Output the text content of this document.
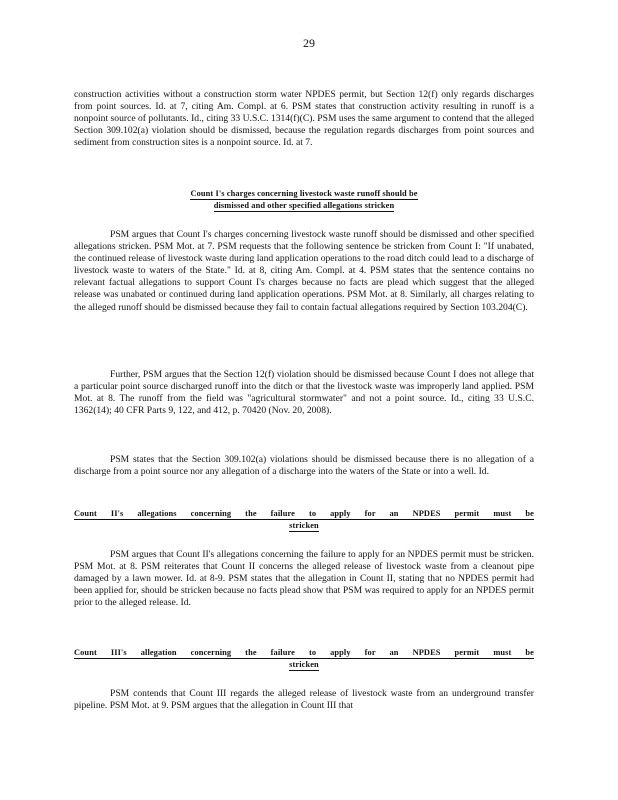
29

construction activities without a construction storm water NPDES permit, but Section 12(f) only regards discharges from point sources. Id. at 7, citing Am. Compl. at 6. PSM states that construction activity resulting in runoff is a nonpoint source of pollutants. Id., citing 33 U.S.C. 1314(f)(C). PSM uses the same argument to contend that the alleged Section 309.102(a) violation should be dismissed, because the regulation regards discharges from point sources and sediment from construction sites is a nonpoint source. Id. at 7.

Count I's charges concerning livestock waste runoff should be
dismissed and other specified allegations stricken

PSM argues that Count I's charges concerning livestock waste runoff should be dismissed and other specified allegations stricken. PSM Mot. at 7. PSM requests that the following sentence be stricken from Count I: "If unabated, the continued release of livestock waste during land application operations to the road ditch could lead to a discharge of livestock waste to waters of the State." Id. at 8, citing Am. Compl. at 4. PSM states that the sentence contains no relevant factual allegations to support Count I's charges because no facts are plead which suggest that the alleged release was unabated or continued during land application operations. PSM Mot. at 8. Similarly, all charges relating to the alleged runoff should be dismissed because they fail to contain factual allegations required by Section 103.204(C).

Further, PSM argues that the Section 12(f) violation should be dismissed because Count I does not allege that a particular point source discharged runoff into the ditch or that the livestock waste was improperly land applied. PSM Mot. at 8. The runoff from the field was "agricultural stormwater" and not a point source. Id., citing 33 U.S.C. 1362(14); 40 CFR Parts 9, 122, and 412, p. 70420 (Nov. 20, 2008).

PSM states that the Section 309.102(a) violations should be dismissed because there is no allegation of a discharge from a point source nor any allegation of a discharge into the waters of the State or into a well. Id.

Count II's allegations concerning the failure to apply for an NPDES permit must be
stricken

PSM argues that Count II's allegations concerning the failure to apply for an NPDES permit must be stricken. PSM Mot. at 8. PSM reiterates that Count II concerns the alleged release of livestock waste from a cleanout pipe damaged by a lawn mower. Id. at 8-9. PSM states that the allegation in Count II, stating that no NPDES permit had been applied for, should be stricken because no facts plead show that PSM was required to apply for an NPDES permit prior to the alleged release. Id.

Count III's allegation concerning the failure to apply for an NPDES permit must be
stricken

PSM contends that Count III regards the alleged release of livestock waste from an underground transfer pipeline. PSM Mot. at 9. PSM argues that the allegation in Count III that
